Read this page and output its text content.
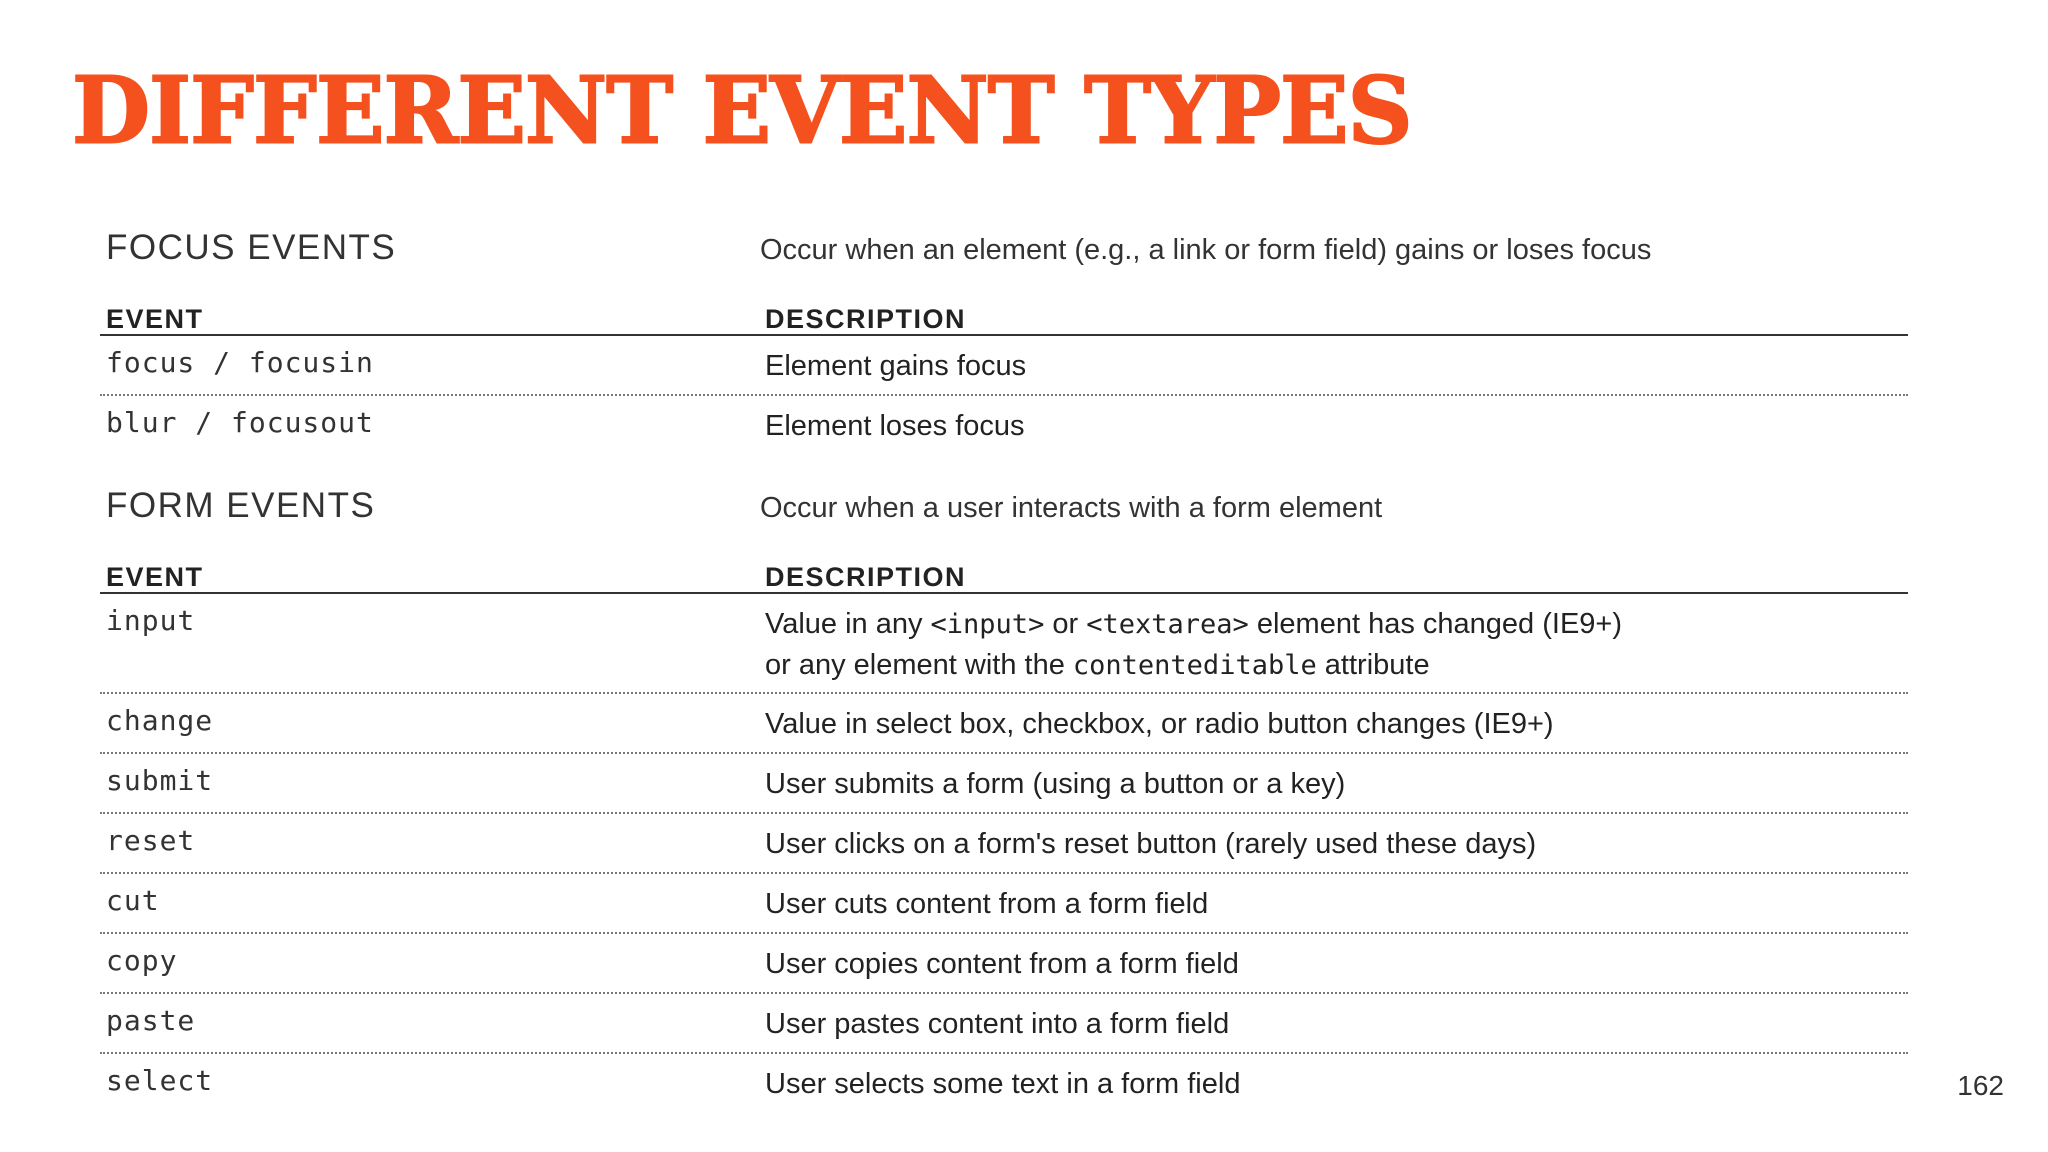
DIFFERENT EVENT TYPES
FOCUS EVENTS	Occur when an element (e.g., a link or form field) gains or loses focus
EVENT	DESCRIPTION
focus / focusin	Element gains focus
blur / focusout	Element loses focus
FORM EVENTS	Occur when a user interacts with a form element
EVENT	DESCRIPTION
input	Value in any <input> or <textarea> element has changed (IE9+)
or any element with the contenteditable attribute
change	Value in select box, checkbox, or radio button changes (IE9+)
submit	User submits a form (using a button or a key)
reset	User clicks on a form's reset button (rarely used these days)
cut	User cuts content from a form field
copy	User copies content from a form field
paste	User pastes content into a form field
select	User selects some text in a form field	162
